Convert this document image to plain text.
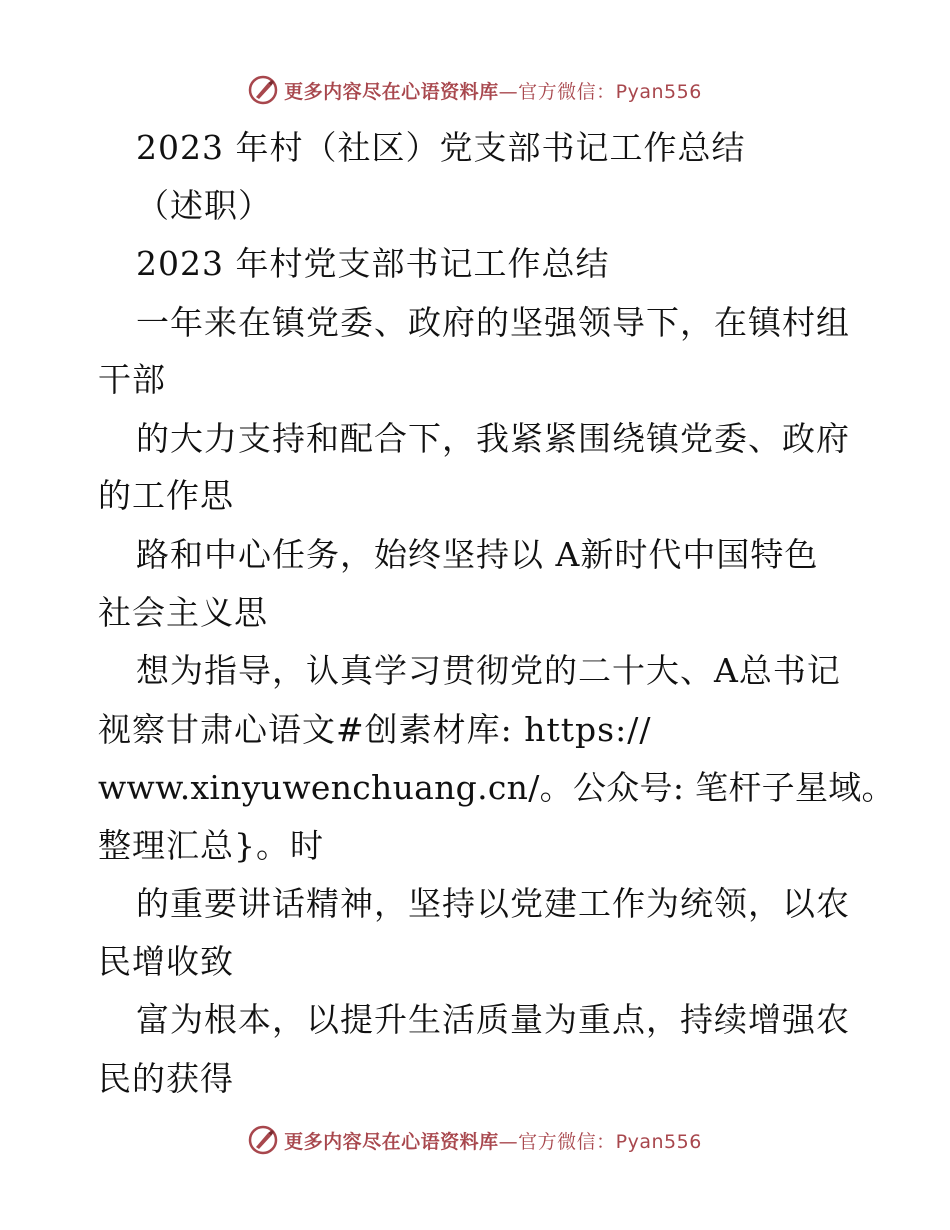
更多内容尽在心语资料库—官方微信：Pyan556
2023 年村（社区）党支部书记工作总结
（述职）
2023 年村党支部书记工作总结
一年来在镇党委、政府的坚强领导下，在镇村组
干部
的大力支持和配合下，我紧紧围绕镇党委、政府
的工作思
路和中心任务，始终坚持以 A新时代中国特色
社会主义思
想为指导，认真学习贯彻党的二十大、A总书记
视察甘肃心语文#创素材库: https://
www.xinyuwenchuang.cn/。公众号: 笔杆子星域。
整理汇总}。时
的重要讲话精神，坚持以党建工作为统领，以农
民增收致
富为根本，以提升生活质量为重点，持续增强农
民的获得
更多内容尽在心语资料库—官方微信：Pyan556
